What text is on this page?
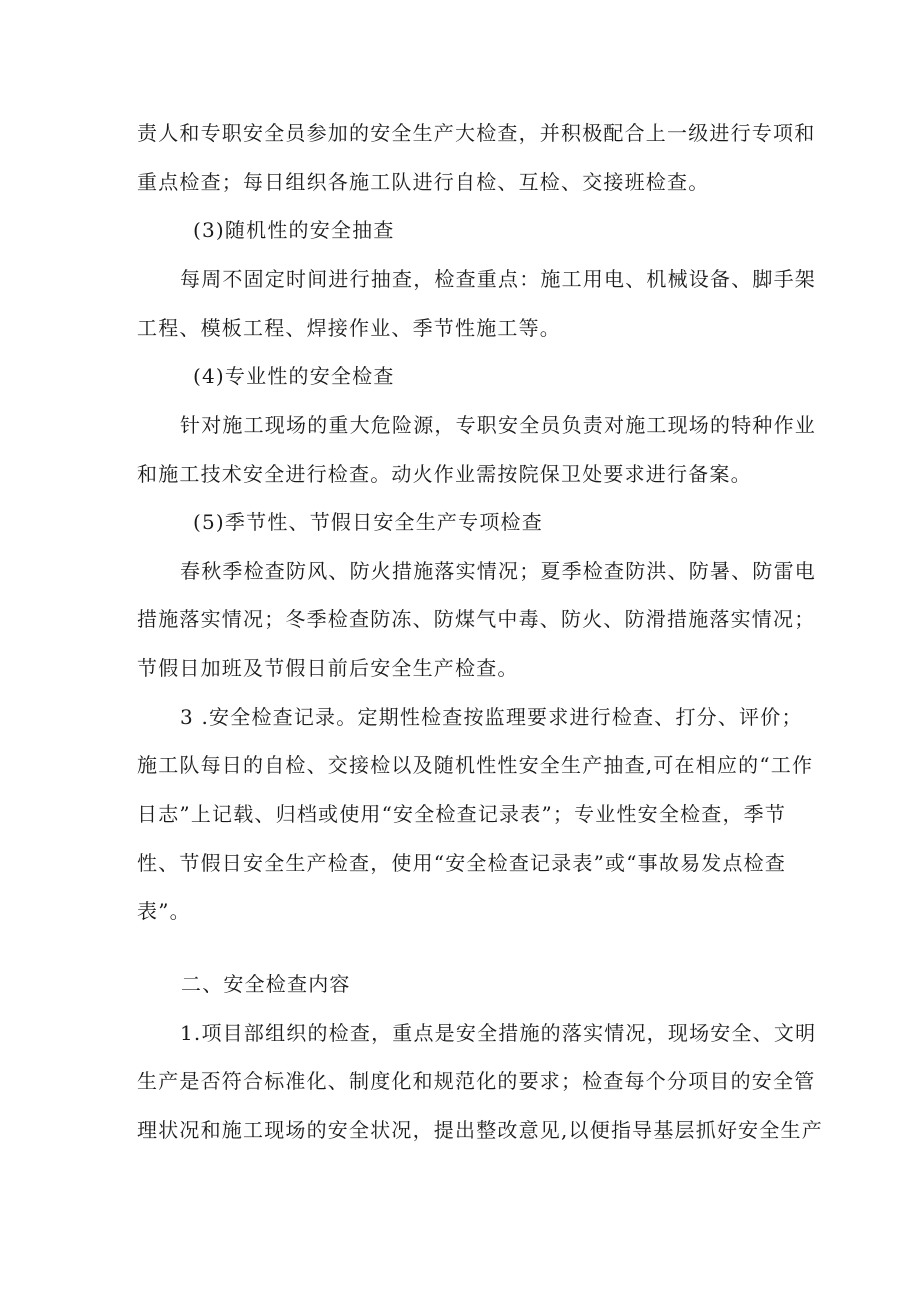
责人和专职安全员参加的安全生产大检查，并积极配合上一级进行专项和
重点检查；每日组织各施工队进行自检、互检、交接班检查。
(3)随机性的安全抽查
每周不固定时间进行抽查，检查重点：施工用电、机械设备、脚手架
工程、模板工程、焊接作业、季节性施工等。
(4)专业性的安全检查
针对施工现场的重大危险源，专职安全员负责对施工现场的特种作业
和施工技术安全进行检查。动火作业需按院保卫处要求进行备案。
(5)季节性、节假日安全生产专项检查
春秋季检查防风、防火措施落实情况；夏季检查防洪、防暑、防雷电
措施落实情况；冬季检查防冻、防煤气中毒、防火、防滑措施落实情况；
节假日加班及节假日前后安全生产检查。
3 .安全检查记录。定期性检查按监理要求进行检查、打分、评价；
施工队每日的自检、交接检以及随机性性安全生产抽查,可在相应的“工作
日志”上记载、归档或使用“安全检查记录表”；专业性安全检查，季节
性、节假日安全生产检查，使用“安全检查记录表”或“事故易发点检查
表”。
二、安全检查内容
1.项目部组织的检查，重点是安全措施的落实情况，现场安全、文明
生产是否符合标准化、制度化和规范化的要求；检查每个分项目的安全管
理状况和施工现场的安全状况，提出整改意见,以便指导基层抓好安全生产
